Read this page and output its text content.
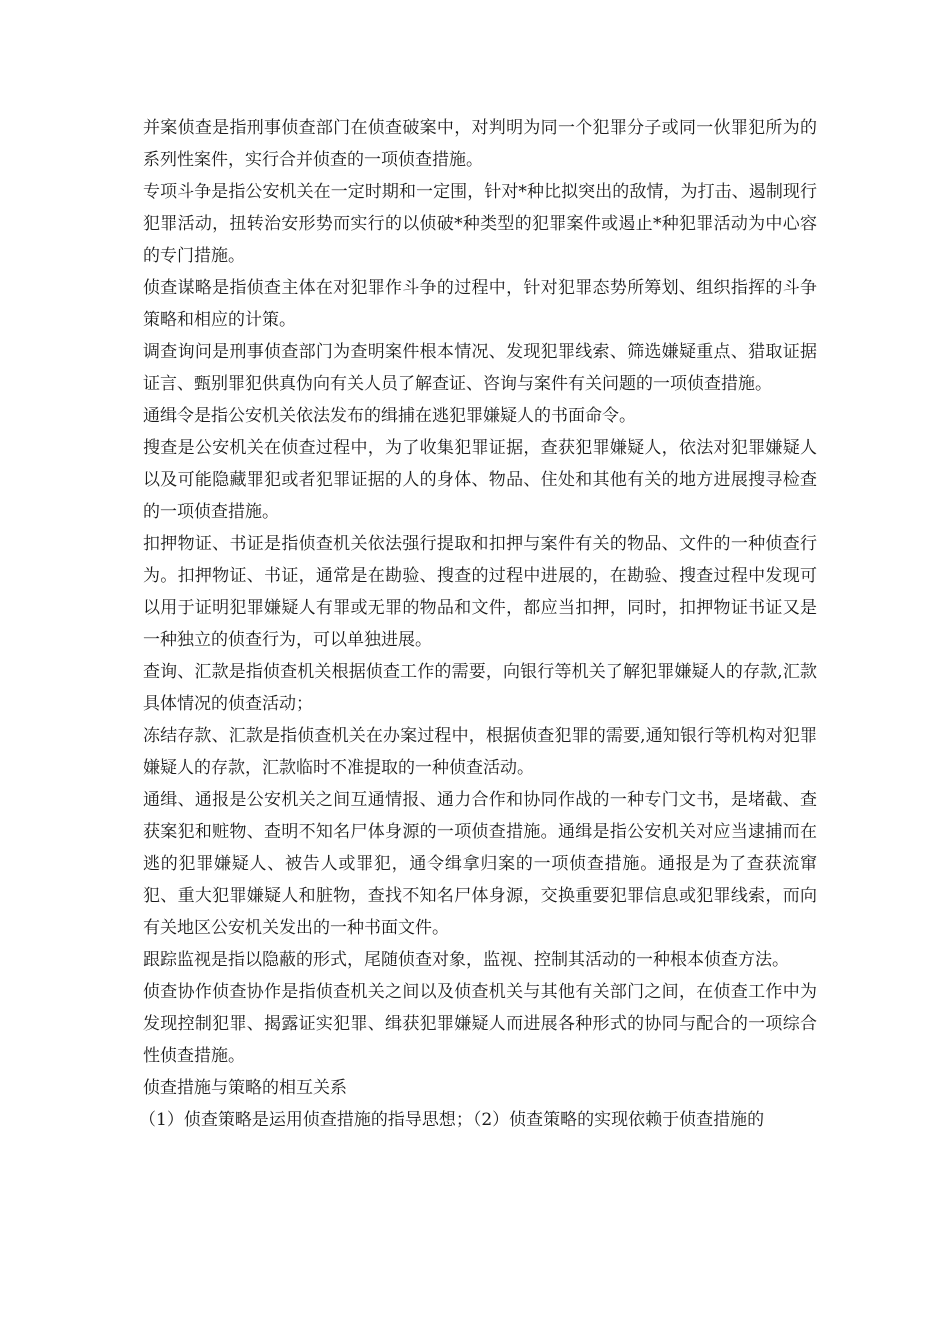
并案侦查是指刑事侦查部门在侦查破案中，对判明为同一个犯罪分子或同一伙罪犯所为的系列性案件，实行合并侦查的一项侦查措施。

专项斗争是指公安机关在一定时期和一定围，针对*种比拟突出的敌情，为打击、遏制现行犯罪活动，扭转治安形势而实行的以侦破*种类型的犯罪案件或遏止*种犯罪活动为中心容的专门措施。

侦查谋略是指侦查主体在对犯罪作斗争的过程中，针对犯罪态势所筹划、组织指挥的斗争策略和相应的计策。

调查询问是刑事侦查部门为查明案件根本情况、发现犯罪线索、筛选嫌疑重点、猎取证据证言、甄别罪犯供真伪向有关人员了解查证、咨询与案件有关问题的一项侦查措施。

通缉令是指公安机关依法发布的缉捕在逃犯罪嫌疑人的书面命令。

搜查是公安机关在侦查过程中，为了收集犯罪证据，查获犯罪嫌疑人，依法对犯罪嫌疑人以及可能隐藏罪犯或者犯罪证据的人的身体、物品、住处和其他有关的地方进展搜寻检查的一项侦查措施。

扣押物证、书证是指侦查机关依法强行提取和扣押与案件有关的物品、文件的一种侦查行为。扣押物证、书证，通常是在勘验、搜查的过程中进展的，在勘验、搜查过程中发现可以用于证明犯罪嫌疑人有罪或无罪的物品和文件，都应当扣押，同时，扣押物证书证又是一种独立的侦查行为，可以单独进展。

查询、汇款是指侦查机关根据侦查工作的需要，向银行等机关了解犯罪嫌疑人的存款,汇款具体情况的侦查活动；

冻结存款、汇款是指侦查机关在办案过程中，根据侦查犯罪的需要,通知银行等机构对犯罪嫌疑人的存款，汇款临时不准提取的一种侦查活动。

通缉、通报是公安机关之间互通情报、通力合作和协同作战的一种专门文书，是堵截、查获案犯和赃物、查明不知名尸体身源的一项侦查措施。通缉是指公安机关对应当逮捕而在逃的犯罪嫌疑人、被告人或罪犯，通令缉拿归案的一项侦查措施。通报是为了查获流窜犯、重大犯罪嫌疑人和脏物，查找不知名尸体身源，交换重要犯罪信息或犯罪线索，而向有关地区公安机关发出的一种书面文件。

跟踪监视是指以隐蔽的形式，尾随侦查对象，监视、控制其活动的一种根本侦查方法。

侦查协作侦查协作是指侦查机关之间以及侦查机关与其他有关部门之间，在侦查工作中为发现控制犯罪、揭露证实犯罪、缉获犯罪嫌疑人而进展各种形式的协同与配合的一项综合性侦查措施。

侦查措施与策略的相互关系

（1）侦查策略是运用侦查措施的指导思想；（2）侦查策略的实现依赖于侦查措施的
